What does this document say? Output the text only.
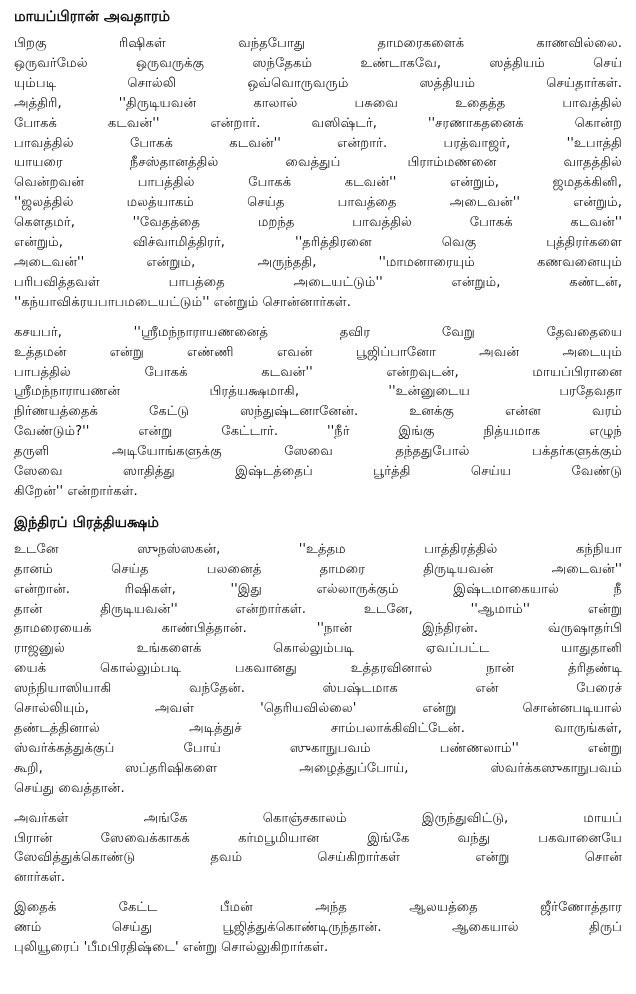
மாயப்பிரான் அவதாரம்
பிறகு ரிஷிகள் வந்தபோது தாமரைகளைக் காணவில்லை.
ஒருவர்மேல் ஒருவருக்கு ஸந்தேகம் உண்டாகவே, ஸத்தியம் செய்
யும்படி சொல்லி ஒவ்வொருவரும் ஸத்தியம் செய்தார்கள்.
அத்திரி, ''திருடியவன் காலால் பசுவை உதைத்த பாவத்தில்
போகக் கடவன்'' என்றார். வஸிஷ்டர், ''சரணாகதனைக் கொன்ற
பாவத்தில் போகக் கடவன்'' என்றார். பரத்வாஜர், ''உபாத்தி
யாயரை நீசஸ்தானத்தில் வைத்துப் பிராம்மணனை வாதத்தில்
வென்றவன் பாபத்தில் போகக் கடவன்'' என்றும், ஜமதக்கினி,
''ஜலத்தில் மலத்யாகம் செய்த பாவத்தை அடைவன்'' என்றும்,
கௌதமர், ''வேதத்தை மறந்த பாவத்தில் போகக் கடவன்''
என்றும், விச்வாமித்திரர், ''தரித்திரனை வெகு புத்திரர்களை
அடைவன்'' என்றும், அருந்ததி, ''மாமனாரையும் கணவனையும்
பரிபவித்தவள் பாபத்தை அடையட்டும்'' என்றும், கண்டன்,
''கந்யாவிக்ரயபாபமடையட்டும்'' என்றும் சொன்னார்கள்.
கசயபர், ''ஸ்ரீமந்நாராயணனைத் தவிர வேறு தேவதையை
உத்தமன் என்று எண்ணி எவன் பூஜிப்பானோ அவன் அடையும்
பாபத்தில் போகக் கடவன்'' என்றவுடன், மாயப்பிரானை
ஸ்ரீமந்நாராயணன் பிரத்யக்ஷமாகி, ''உன்னுடைய பரதேவதா
நிர்ணயத்தைக் கேட்டு ஸந்துஷ்டனானேன். உனக்கு என்ன வரம்
வேண்டும்?'' என்று கேட்டார். ''நீர் இங்கு நித்யமாக எழுந்
தருளி அடியோங்களுக்கு ஸேவை தந்ததுபோல் பக்தர்களுக்கும்
ஸேவை ஸாதித்து இஷ்டத்தைப் பூர்த்தி செய்ய வேண்டு
கிறேன்'' என்றார்கள்.
இந்திரப் பிரத்தியக்ஷம்
உடனே ஸுநஸ்ஸகன், ''உத்தம பாத்திரத்தில் கந்நியா
தானம் செய்த பலனைத் தாமரை திருடியவன் அடைவன்''
என்றான். ரிஷிகள், ''இது எல்லாருக்கும் இஷ்டமாகையால் நீ
தான் திருடியவன்'' என்றார்கள். உடனே, ''ஆமாம்'' என்று
தாமரையைக் காண்பித்தான். ''நான் இந்திரன். வ்ருஷாதர்பி
ராஜனுல் உங்களைக் கொல்லும்படி ஏவப்பட்ட யாதுதானி
யைக் கொல்லும்படி பகவானது உத்தரவினால் நான் த்ரிதண்டி
ஸந்நியாஸியாகி வந்தேன். ஸ்பஷ்டமாக என் பேரைச்
சொல்லியும், அவள் 'தெரியவில்லை' என்று சொன்னபடியால்
தண்டத்தினால் அடித்துச் சாம்பலாக்கிவிட்டேன். வாருங்கள்,
ஸ்வர்க்கத்துக்குப் போய் ஸுகாநுபவம் பண்ணலாம்'' என்று
கூறி, ஸப்தரிஷிகளை அழைத்துப்போய், ஸ்வர்க்கஸுகாநுபவம்
செய்து வைத்தான்.
அவர்கள் அங்கே கொஞ்சகாலம் இருந்துவிட்டு, மாயப்
பிரான் ஸேவைக்காகக் கர்மபூமியான இங்கே வந்து பகவானையே
ஸேவித்துக்கொண்டு தவம் செய்கிறார்கள் என்று சொன்
னார்கள்.
இதைக் கேட்ட பீமன் அந்த ஆலயத்தை ஜீர்ணோத்தார
ணம் செய்து பூஜித்துக்கொண்டிருந்தான். ஆகையால் திருப்
புலியூரைப் 'பீமபிரதிஷ்டை' என்று சொல்லுகிறார்கள்.
